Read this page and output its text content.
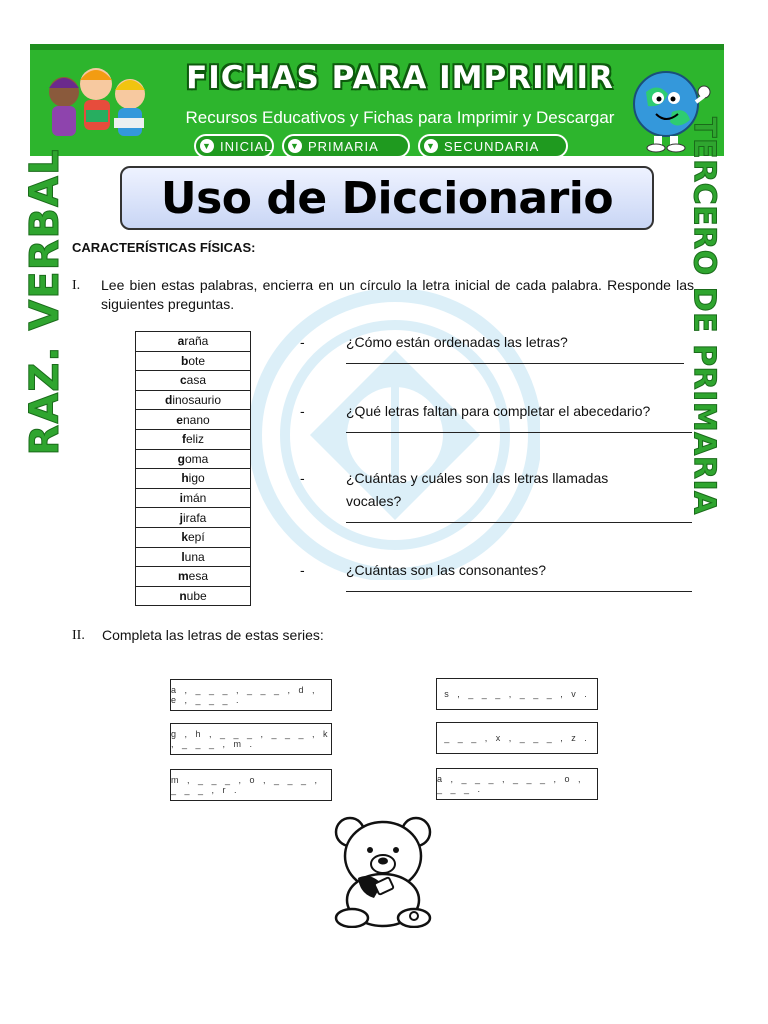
FICHAS PARA IMPRIMIR
Recursos Educativos y Fichas para Imprimir y Descargar
▼ INICIAL ▼ PRIMARIA	▼ SECUNDARIA
RAZ. VERBAL	TERCERO DE PRIMARIA
Uso de Diccionario
CARACTERÍSTICAS FÍSICAS:
I. Lee bien estas palabras, encierra en un círculo la letra inicial de cada palabra. Responde las siguientes preguntas.
araña
bote
casa
dinosaurio
enano
feliz
goma
higo
imán
jirafa
kepí
luna
mesa
nube
-	¿Cómo están ordenadas las letras?
-	¿Qué letras faltan para completar el abecedario?
-	¿Cuántas y cuáles son las letras llamadas vocales?
-	¿Cuántas son las consonantes?
II. Completa las letras de estas series:
a , _ _ _ , _ _ _ , d , e , _ _ _ .
s , _ _ _ , _ _ _ , v .
g , h , _ _ _ , _ _ _ , k , _ _ _ , m .
_ _ _ , x , _ _ _ , z .
m , _ _ _ , o , _ _ _ , _ _ _ , r .
a , _ _ _ , _ _ _ , o , _ _ _ .
